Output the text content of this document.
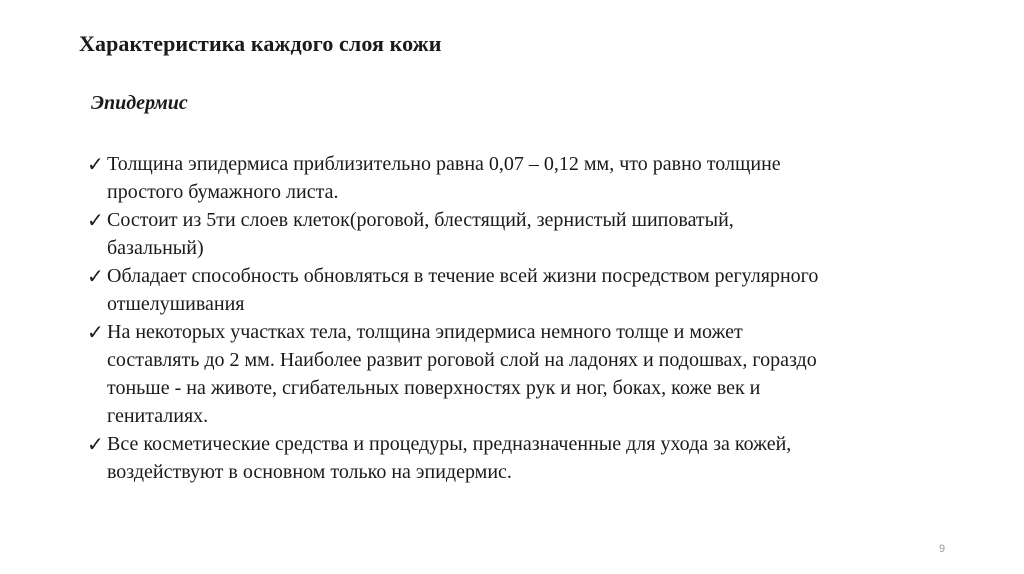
Характеристика каждого слоя кожи
Эпидермис
✓ Толщина эпидермиса приблизительно равна 0,07 – 0,12 мм, что равно толщине
простого бумажного листа.
✓ Состоит из 5ти слоев клеток(роговой, блестящий, зернистый шиповатый,
базальный)
✓ Обладает способность обновляться в течение всей жизни посредством регулярного
отшелушивания
✓ На некоторых участках тела, толщина эпидермиса немного толще и может
составлять до 2 мм. Наиболее развит роговой слой на ладонях и подошвах, гораздо
тоньше - на животе, сгибательных поверхностях рук и ног, боках, коже век и
гениталиях.
✓ Все косметические средства и процедуры, предназначенные для ухода за кожей,
воздействуют в основном только на эпидермис.
9
